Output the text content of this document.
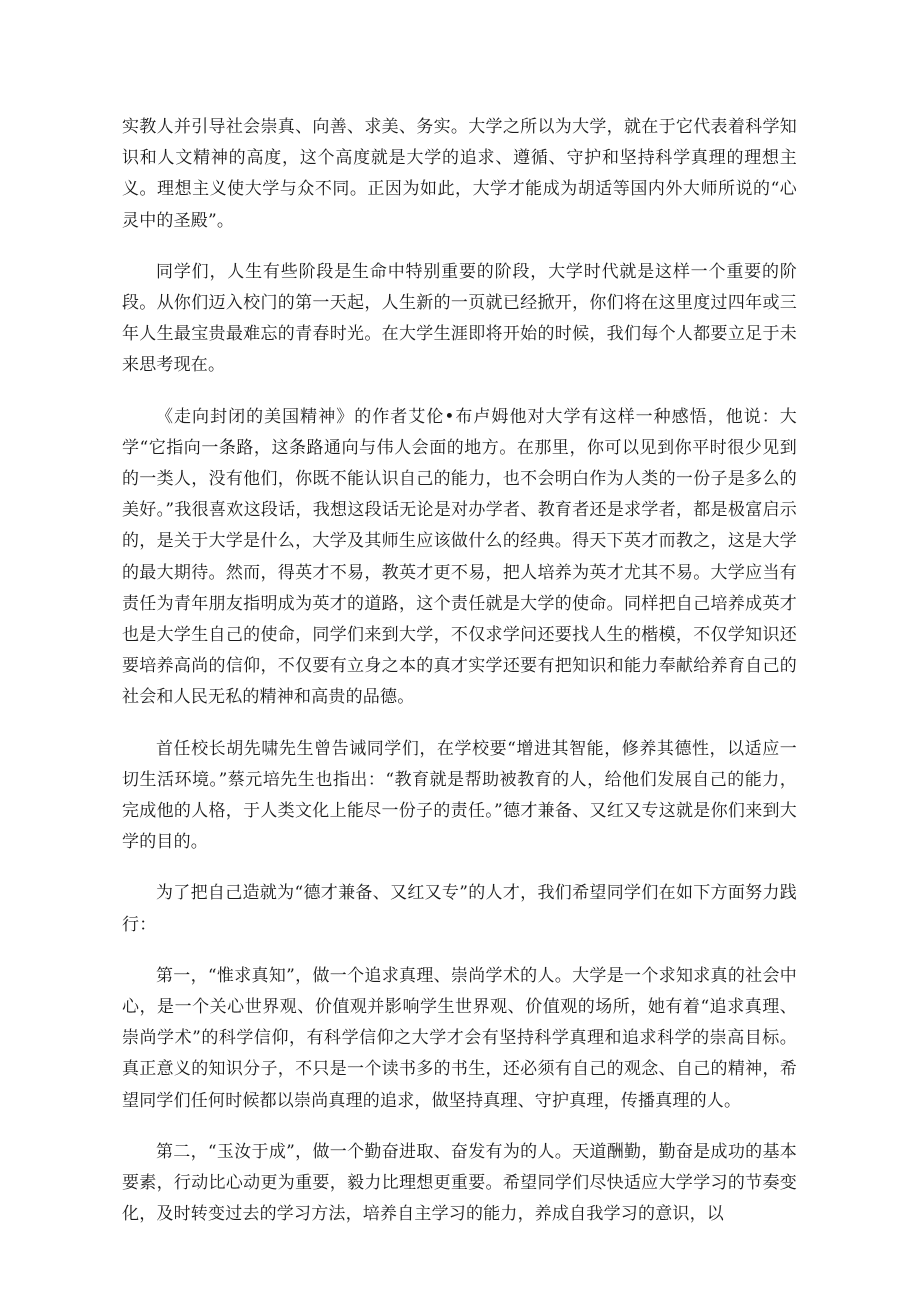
实教人并引导社会崇真、向善、求美、务实。大学之所以为大学，就在于它代表着科学知识和人文精神的高度，这个高度就是大学的追求、遵循、守护和坚持科学真理的理想主义。理想主义使大学与众不同。正因为如此，大学才能成为胡适等国内外大师所说的“心灵中的圣殿”。

同学们，人生有些阶段是生命中特别重要的阶段，大学时代就是这样一个重要的阶段。从你们迈入校门的第一天起，人生新的一页就已经掀开，你们将在这里度过四年或三年人生最宝贵最难忘的青春时光。在大学生涯即将开始的时候，我们每个人都要立足于未来思考现在。

《走向封闭的美国精神》的作者艾伦•布卢姆他对大学有这样一种感悟，他说：大学“它指向一条路，这条路通向与伟人会面的地方。在那里，你可以见到你平时很少见到的一类人，没有他们，你既不能认识自己的能力，也不会明白作为人类的一份子是多么的美好。”我很喜欢这段话，我想这段话无论是对办学者、教育者还是求学者，都是极富启示的，是关于大学是什么，大学及其师生应该做什么的经典。得天下英才而教之，这是大学的最大期待。然而，得英才不易，教英才更不易，把人培养为英才尤其不易。大学应当有责任为青年朋友指明成为英才的道路，这个责任就是大学的使命。同样把自己培养成英才也是大学生自己的使命，同学们来到大学，不仅求学问还要找人生的楷模，不仅学知识还要培养高尚的信仰，不仅要有立身之本的真才实学还要有把知识和能力奉献给养育自己的社会和人民无私的精神和高贵的品德。

首任校长胡先啸先生曾告诫同学们，在学校要“增进其智能，修养其德性，以适应一切生活环境。”蔡元培先生也指出：“教育就是帮助被教育的人，给他们发展自己的能力，完成他的人格，于人类文化上能尽一份子的责任。”德才兼备、又红又专这就是你们来到大学的目的。

为了把自己造就为“德才兼备、又红又专”的人才，我们希望同学们在如下方面努力践行：

第一，“惟求真知”，做一个追求真理、崇尚学术的人。大学是一个求知求真的社会中心，是一个关心世界观、价值观并影响学生世界观、价值观的场所，她有着“追求真理、崇尚学术”的科学信仰，有科学信仰之大学才会有坚持科学真理和追求科学的崇高目标。真正意义的知识分子，不只是一个读书多的书生，还必须有自己的观念、自己的精神，希望同学们任何时候都以崇尚真理的追求，做坚持真理、守护真理，传播真理的人。

第二，“玉汝于成”，做一个勤奋进取、奋发有为的人。天道酬勤，勤奋是成功的基本要素，行动比心动更为重要，毅力比理想更重要。希望同学们尽快适应大学学习的节奏变化，及时转变过去的学习方法，培养自主学习的能力，养成自我学习的意识，以
